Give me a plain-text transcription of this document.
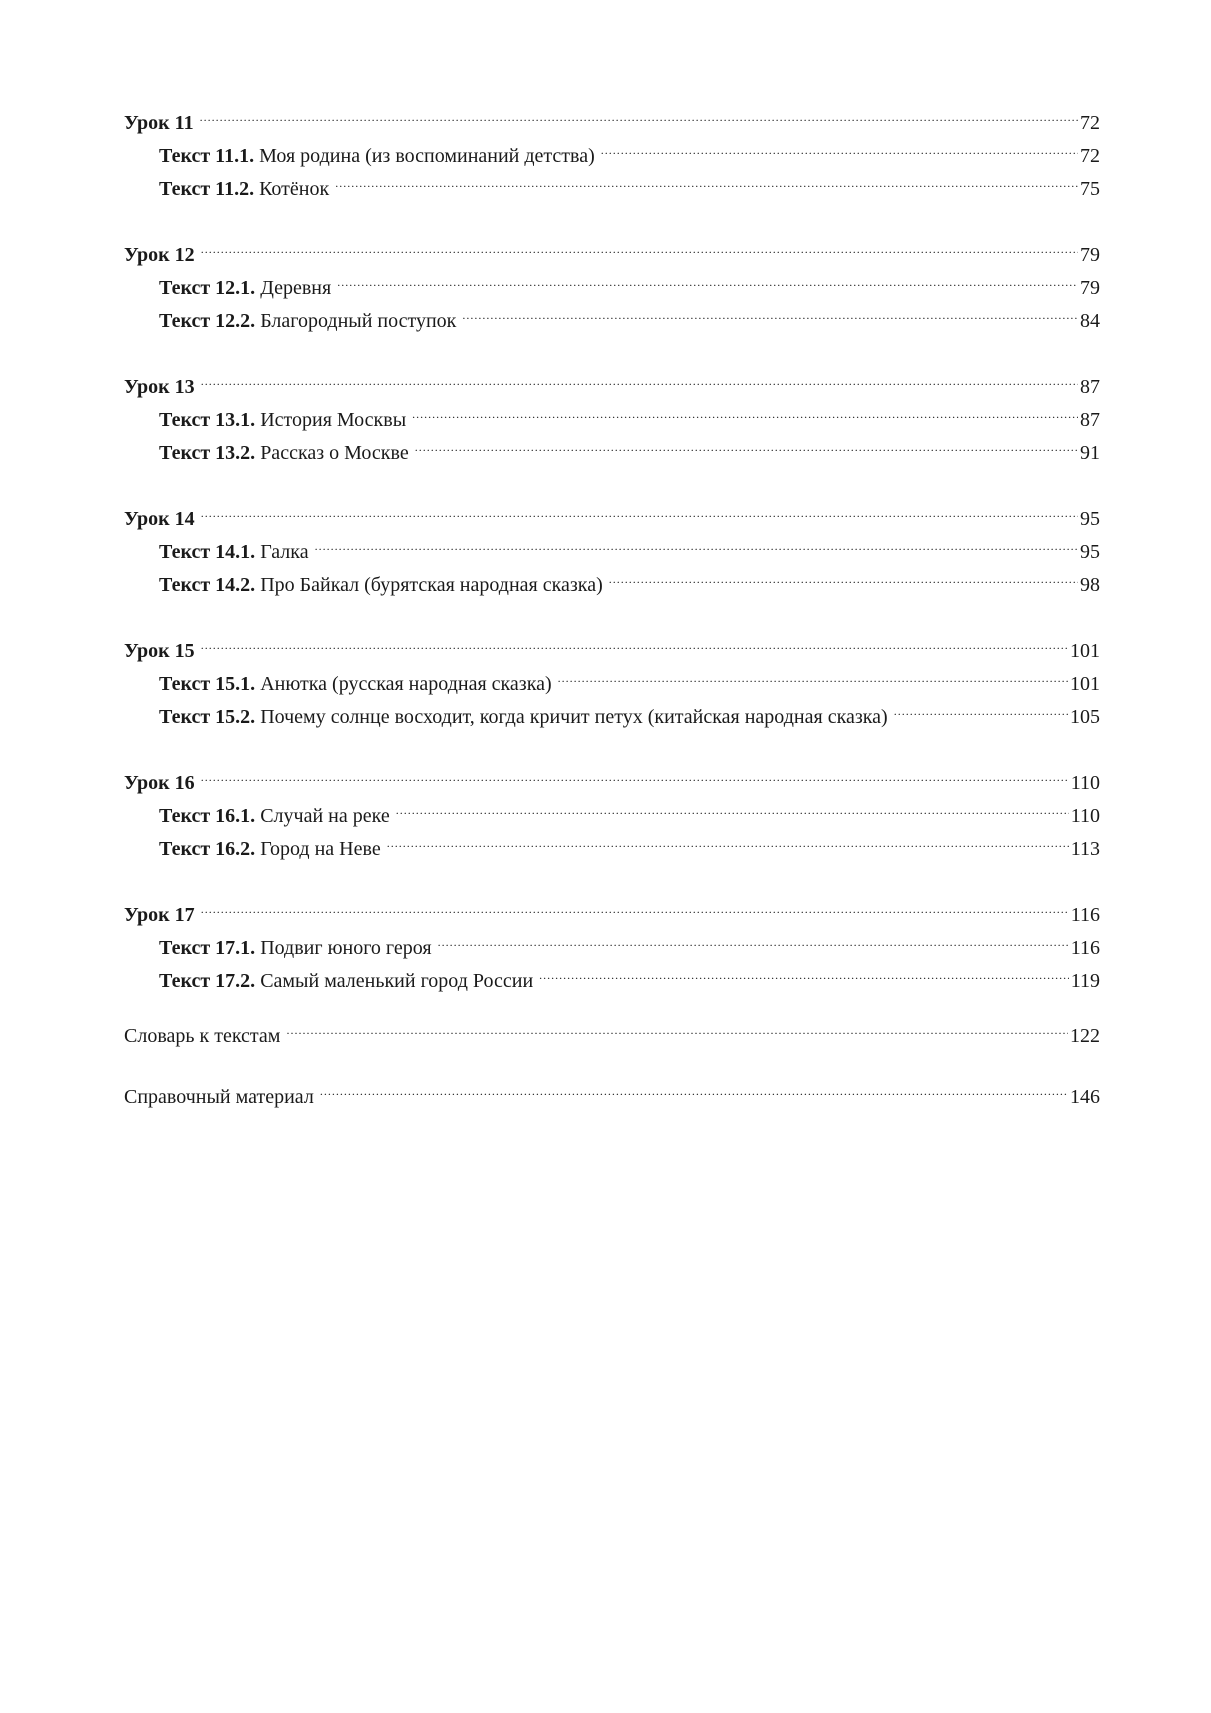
Урок 11 .....	72
Текст 11.1. Моя родина (из воспоминаний детства) .....	72
Текст 11.2. Котёнок .....	75
Урок 12 .....	79
Текст 12.1. Деревня .....	79
Текст 12.2. Благородный поступок .....	84
Урок 13 .....	87
Текст 13.1. История Москвы .....	87
Текст 13.2. Рассказ о Москве .....	91
Урок 14 .....	95
Текст 14.1. Галка .....	95
Текст 14.2. Про Байкал (бурятская народная сказка) .....	98
Урок 15 .....	101
Текст 15.1. Анютка (русская народная сказка) .....	101
Текст 15.2. Почему солнце восходит, когда кричит петух (китайская народная сказка) .....	105
Урок 16 .....	110
Текст 16.1. Случай на реке .....	110
Текст 16.2. Город на Неве .....	113
Урок 17 .....	116
Текст 17.1. Подвиг юного героя .....	116
Текст 17.2. Самый маленький город России .....	119
Словарь к текстам .....	122
Справочный материал .....	146
